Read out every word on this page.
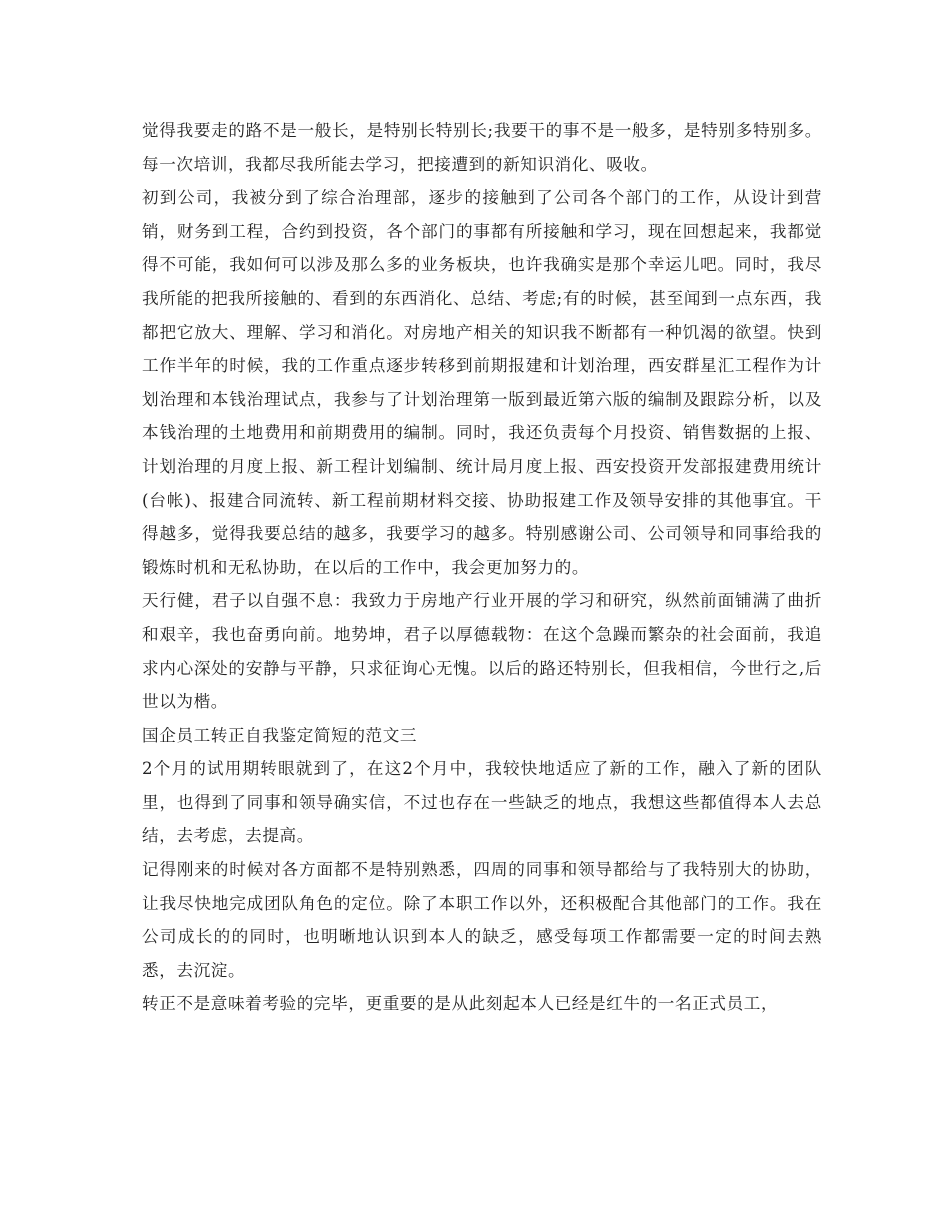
觉得我要走的路不是一般长，是特别长特别长;我要干的事不是一般多，是特别多特别多。每一次培训，我都尽我所能去学习，把接遭到的新知识消化、吸收。

初到公司，我被分到了综合治理部，逐步的接触到了公司各个部门的工作，从设计到营销，财务到工程，合约到投资，各个部门的事都有所接触和学习，现在回想起来，我都觉得不可能，我如何可以涉及那么多的业务板块，也许我确实是那个幸运儿吧。同时，我尽我所能的把我所接触的、看到的东西消化、总结、考虑;有的时候，甚至闻到一点东西，我都把它放大、理解、学习和消化。对房地产相关的知识我不断都有一种饥渴的欲望。快到工作半年的时候，我的工作重点逐步转移到前期报建和计划治理，西安群星汇工程作为计划治理和本钱治理试点，我参与了计划治理第一版到最近第六版的编制及跟踪分析，以及本钱治理的土地费用和前期费用的编制。同时，我还负责每个月投资、销售数据的上报、计划治理的月度上报、新工程计划编制、统计局月度上报、西安投资开发部报建费用统计(台帐)、报建合同流转、新工程前期材料交接、协助报建工作及领导安排的其他事宜。干得越多，觉得我要总结的越多，我要学习的越多。特别感谢公司、公司领导和同事给我的锻炼时机和无私协助，在以后的工作中，我会更加努力的。

天行健，君子以自强不息：我致力于房地产行业开展的学习和研究，纵然前面铺满了曲折和艰辛，我也奋勇向前。地势坤，君子以厚德载物：在这个急躁而繁杂的社会面前，我追求内心深处的安静与平静，只求征询心无愧。以后的路还特别长，但我相信，今世行之,后世以为楷。

国企员工转正自我鉴定简短的范文三

2个月的试用期转眼就到了，在这2个月中，我较快地适应了新的工作，融入了新的团队里，也得到了同事和领导确实信，不过也存在一些缺乏的地点，我想这些都值得本人去总结，去考虑，去提高。

记得刚来的时候对各方面都不是特别熟悉，四周的同事和领导都给与了我特别大的协助，让我尽快地完成团队角色的定位。除了本职工作以外，还积极配合其他部门的工作。我在公司成长的的同时，也明晰地认识到本人的缺乏，感受每项工作都需要一定的时间去熟悉，去沉淀。

转正不是意味着考验的完毕，更重要的是从此刻起本人已经是红牛的一名正式员工，
